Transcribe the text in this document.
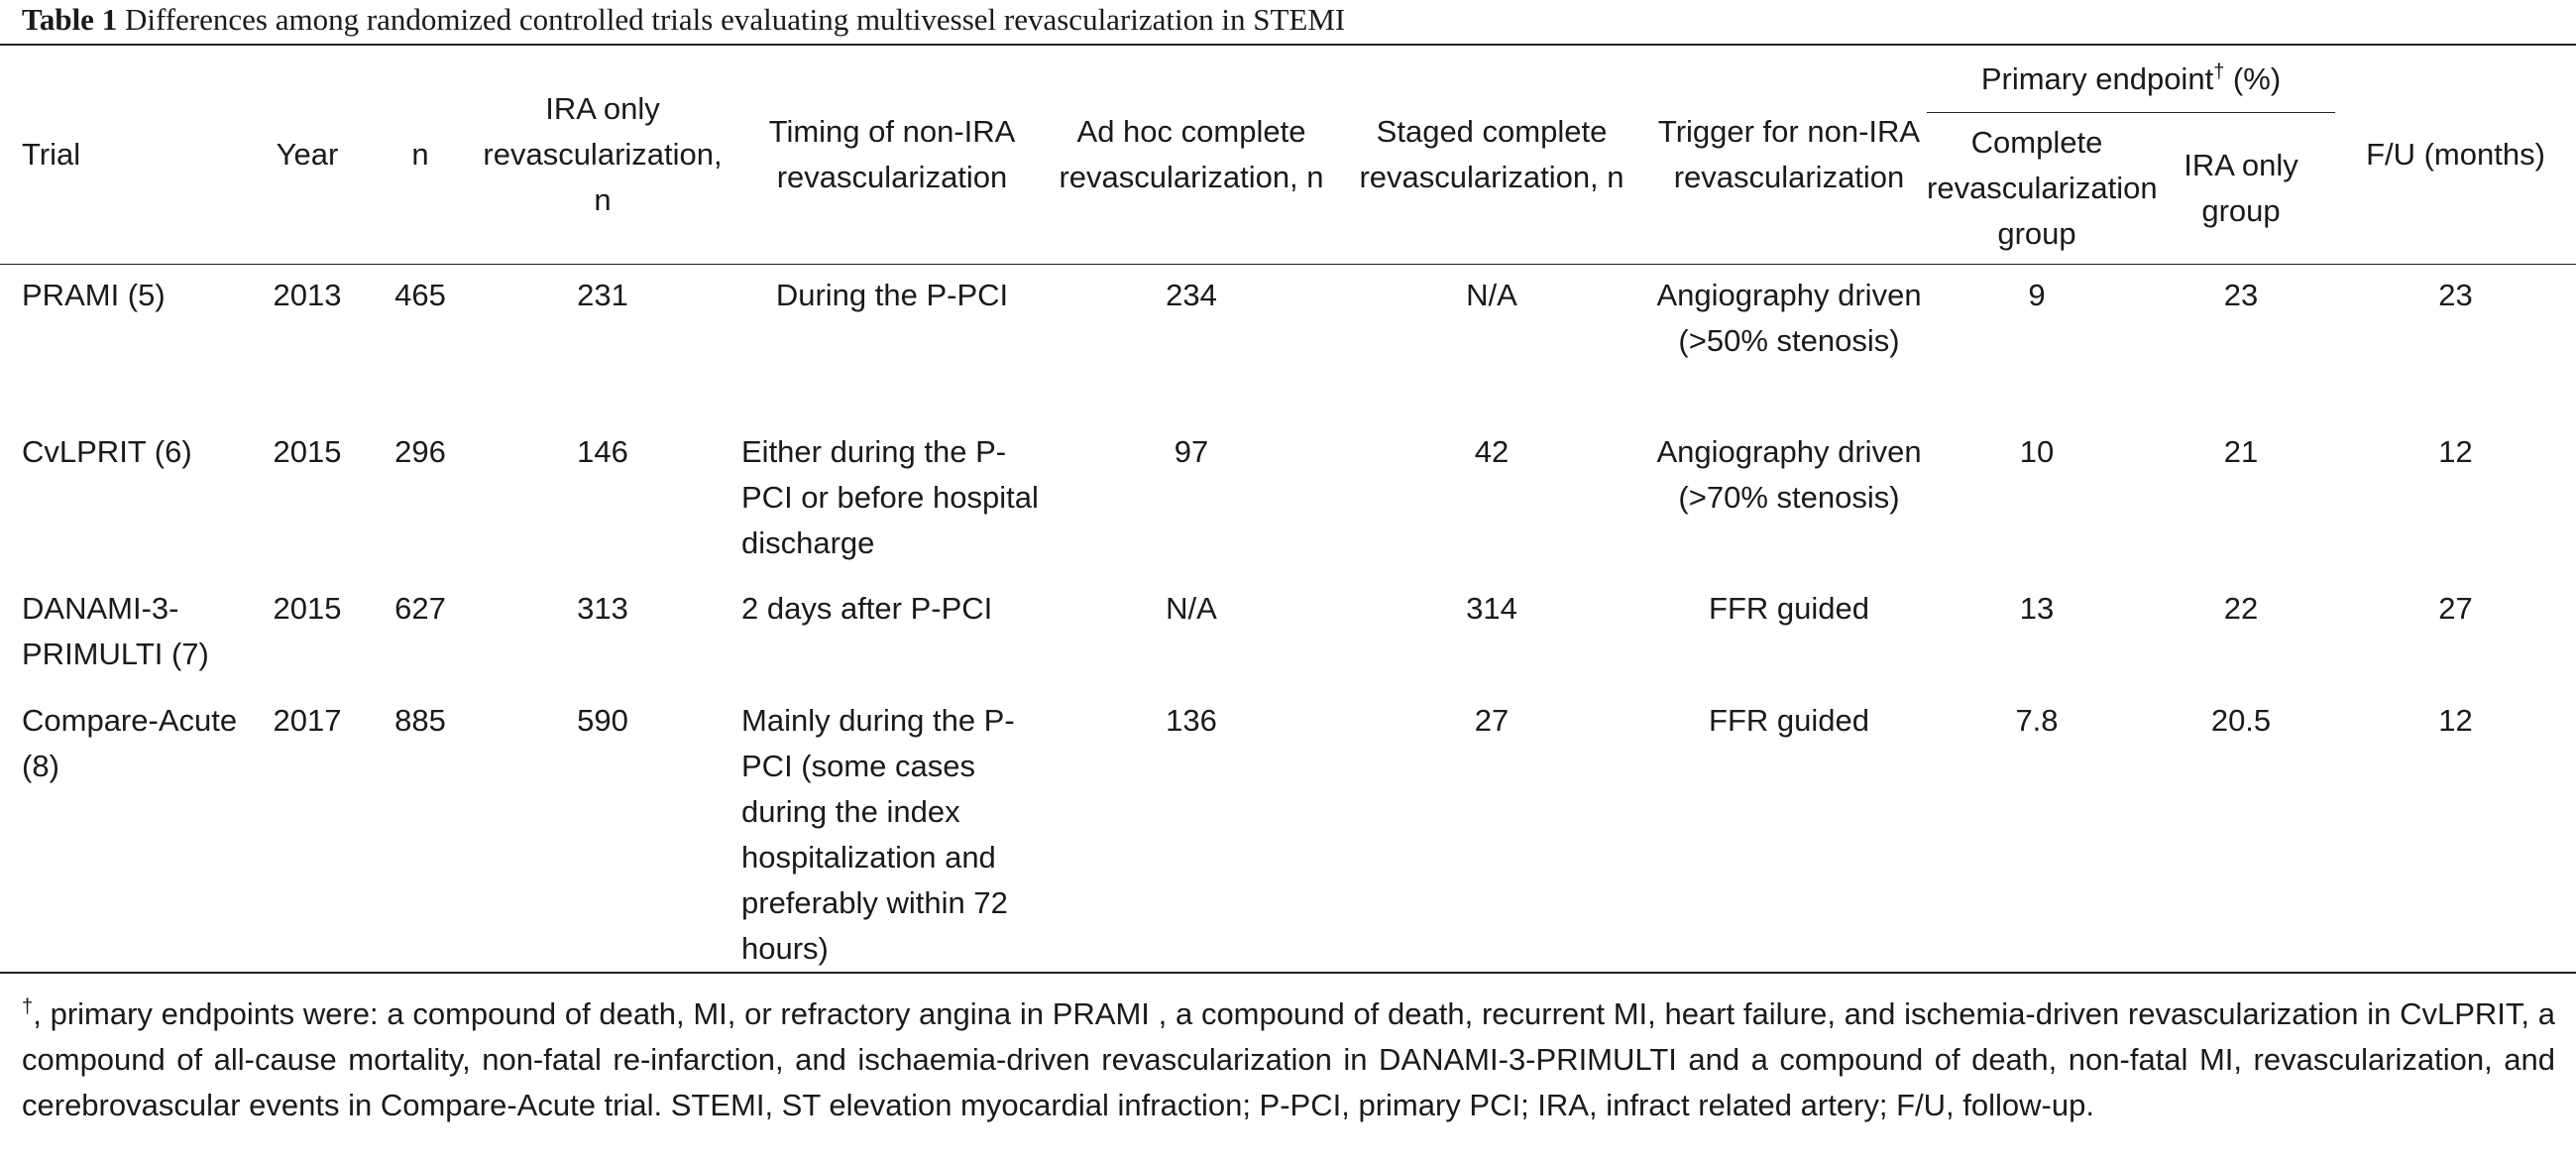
Table 1 Differences among randomized controlled trials evaluating multivessel revascularization in STEMI
Trial	Year	n	IRA only revascularization, n	Timing of non-IRA revascularization	Ad hoc complete revascularization, n	Staged complete revascularization, n	Trigger for non-IRA revascularization	Primary endpoint† (%)		F/U (months)
								Complete revascularization group	IRA only group	
PRAMI (5)	2013	465	231	During the P-PCI	234	N/A	Angiography driven (>50% stenosis)	9	23	23
CvLPRIT (6)	2015	296	146	Either during the P-PCI or before hospital discharge	97	42	Angiography driven (>70% stenosis)	10	21	12
DANAMI-3-PRIMULTI (7)	2015	627	313	2 days after P-PCI	N/A	314	FFR guided	13	22	27
Compare-Acute (8)	2017	885	590	Mainly during the P-PCI (some cases during the index hospitalization and preferably within 72 hours)	136	27	FFR guided	7.8	20.5	12
†, primary endpoints were: a compound of death, MI, or refractory angina in PRAMI , a compound of death, recurrent MI, heart failure, and ischemia-driven revascularization in CvLPRIT, a compound of all-cause mortality, non-fatal re-infarction, and ischaemia-driven revascularization in DANAMI-3-PRIMULTI and a compound of death, non-fatal MI, revascularization, and cerebrovascular events in Compare-Acute trial. STEMI, ST elevation myocardial infraction; P-PCI, primary PCI; IRA, infract related artery; F/U, follow-up.
